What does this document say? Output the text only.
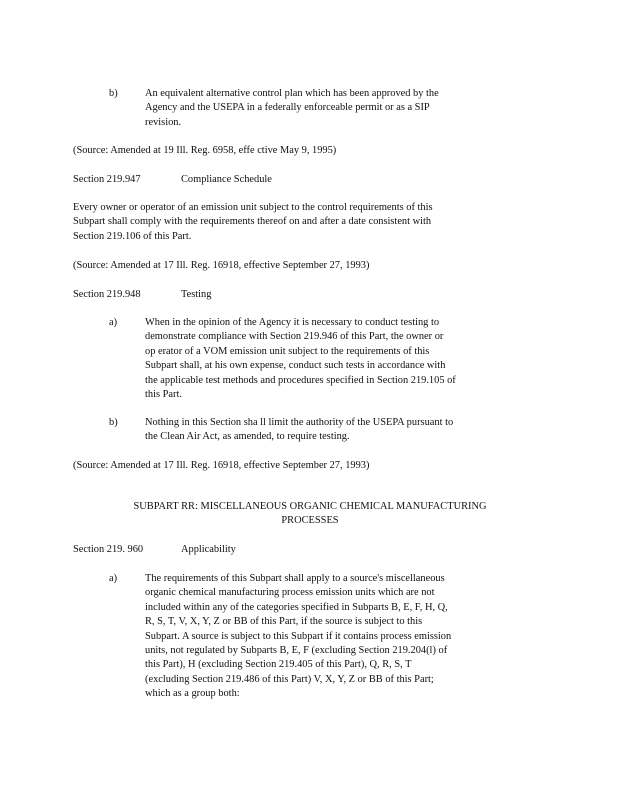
b)	An equivalent alternative control plan which has been approved by the

Agency and the USEPA in a federally enforceable permit or as a SIP

revision.

(Source: Amended at 19 Ill. Reg. 6958, effe ctive May 9, 1995)

Section 219.947	Compliance Schedule

Every owner or operator of an emission unit subject to the control requirements of this

Subpart shall comply with the requirements thereof on and after a date consistent with

Section 219.106 of this Part.

(Source: Amended at 17 Ill. Reg. 16918, effective September 27, 1993)

Section 219.948	Testing

a)	When in the opinion of the Agency it is necessary to conduct testing to

demonstrate compliance with Section 219.946 of this Part, the owner or

op erator of a VOM emission unit subject to the requirements of this

Subpart shall, at his own expense, conduct such tests in accordance with

the applicable test methods and procedures specified in Section 219.105 of

this Part.

b)	Nothing in this Section sha ll limit the authority of the USEPA pursuant to

the Clean Air Act, as amended, to require testing.

(Source: Amended at 17 Ill. Reg. 16918, effective September 27, 1993)

SUBPART RR: MISCELLANEOUS ORGANIC CHEMICAL MANUFACTURING

PROCESSES

Section 219. 960	Applicability

a)	The requirements of this Subpart shall apply to a source's miscellaneous

organic chemical manufacturing process emission units which are not

included within any of the categories specified in Subparts B, E, F, H, Q,

R, S, T, V, X, Y, Z or BB of this Part, if the source is subject to this

Subpart. A source is subject to this Subpart if it contains process emission

units, not regulated by Subparts B, E, F (excluding Section 219.204(l) of

this Part), H (excluding Section 219.405 of this Part), Q, R, S, T

(excluding Section 219.486 of this Part) V, X, Y, Z or BB of this Part;

which as a group both:
